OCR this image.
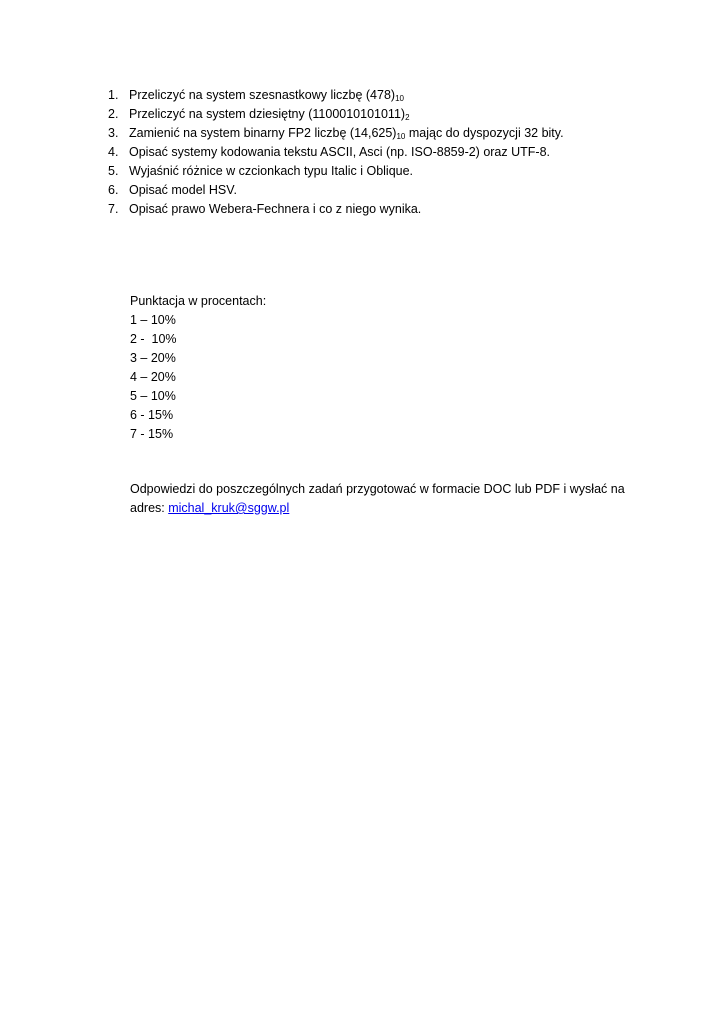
1. Przeliczyć na system szesnastkowy liczbę $(478)_{10}$
2. Przeliczyć na system dziesiętny $(1100010101011)_2$
3. Zamienić na system binarny FP2 liczbę $(14,625)_{10}$ mając do dyspozycji 32 bity.
4. Opisać systemy kodowania tekstu ASCII, Asci (np. ISO-8859-2) oraz UTF-8.
5. Wyjaśnić różnice w czcionkach typu Italic i Oblique.
6. Opisać model HSV.
7. Opisać prawo Webera-Fechnera i co z niego wynika.
Punktacja w procentach:
1 – 10%
2 -  10%
3 – 20%
4 – 20%
5 – 10%
6 - 15%
7 - 15%
Odpowiedzi do poszczególnych zadań przygotować w formacie DOC lub PDF i wysłać na
adres: michal_kruk@sggw.pl
